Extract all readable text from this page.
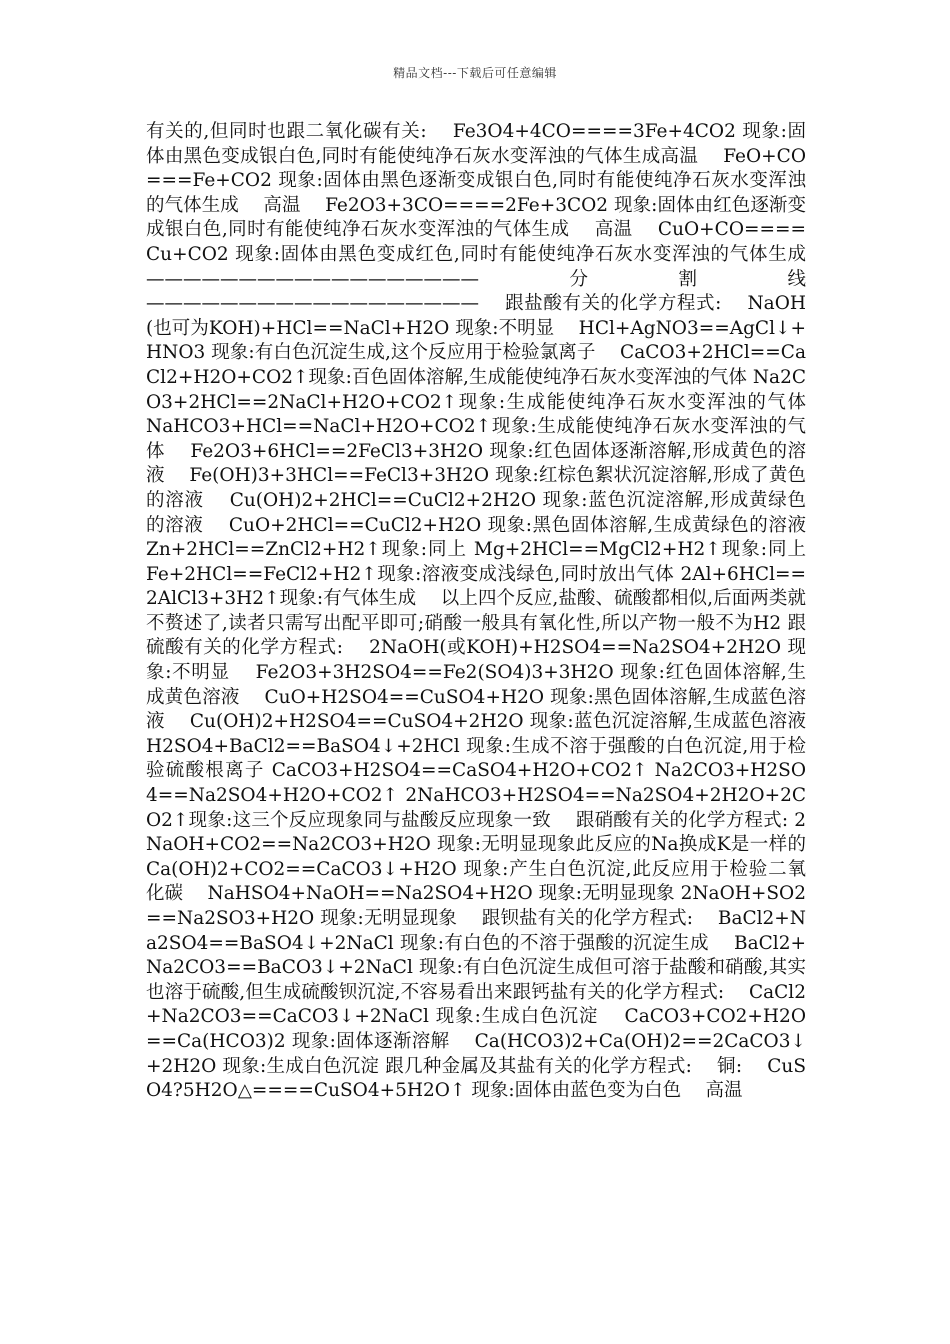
精品文档---下载后可任意编辑
有关的,但同时也跟二氧化碳有关:　 Fe3O4+4CO====3Fe+4CO2 现象:固体由黑色变成银白色,同时有能使纯净石灰水变浑浊的气体生成高温　 FeO+CO===Fe+CO2 现象:固体由黑色逐渐变成银白色,同时有能使纯净石灰水变浑浊的气体生成　 高温　 Fe2O3+3CO====2Fe+3CO2 现象:固体由红色逐渐变成银白色,同时有能使纯净石灰水变浑浊的气体生成　 高温　 CuO+CO====Cu+CO2 现象:固体由黑色变成红色,同时有能使纯净石灰水变浑浊的气体生成　 ——————————————————分割线——————————————————　 跟盐酸有关的化学方程式:　 NaOH(也可为KOH)+HCl==NaCl+H2O 现象:不明显　 HCl+AgNO3==AgCl↓+HNO3 现象:有白色沉淀生成,这个反应用于检验氯离子　 CaCO3+2HCl==CaCl2+H2O+CO2↑现象:百色固体溶解,生成能使纯净石灰水变浑浊的气体 Na2CO3+2HCl==2NaCl+H2O+CO2↑现象:生成能使纯净石灰水变浑浊的气体　 NaHCO3+HCl==NaCl+H2O+CO2↑现象:生成能使纯净石灰水变浑浊的气体　 Fe2O3+6HCl==2FeCl3+3H2O 现象:红色固体逐渐溶解,形成黄色的溶液　 Fe(OH)3+3HCl==FeCl3+3H2O 现象:红棕色絮状沉淀溶解,形成了黄色的溶液　 Cu(OH)2+2HCl==CuCl2+2H2O 现象:蓝色沉淀溶解,形成黄绿色的溶液　 CuO+2HCl==CuCl2+H2O 现象:黑色固体溶解,生成黄绿色的溶液　 Zn+2HCl==ZnCl2+H2↑现象:同上 Mg+2HCl==MgCl2+H2↑现象:同上　 Fe+2HCl==FeCl2+H2↑现象:溶液变成浅绿色,同时放出气体 2Al+6HCl==2AlCl3+3H2↑现象:有气体生成　 以上四个反应,盐酸、硫酸都相似,后面两类就不赘述了,读者只需写出配平即可;硝酸一般具有氧化性,所以产物一般不为H2 跟硫酸有关的化学方程式:　 2NaOH(或KOH)+H2SO4==Na2SO4+2H2O 现象:不明显　 Fe2O3+3H2SO4==Fe2(SO4)3+3H2O 现象:红色固体溶解,生成黄色溶液　 CuO+H2SO4==CuSO4+H2O 现象:黑色固体溶解,生成蓝色溶液　 Cu(OH)2+H2SO4==CuSO4+2H2O 现象:蓝色沉淀溶解,生成蓝色溶液　 H2SO4+BaCl2==BaSO4↓+2HCl 现象:生成不溶于强酸的白色沉淀,用于检验硫酸根离子 CaCO3+H2SO4==CaSO4+H2O+CO2↑ Na2CO3+H2SO4==Na2SO4+H2O+CO2↑ 2NaHCO3+H2SO4==Na2SO4+2H2O+2CO2↑现象:这三个反应现象同与盐酸反应现象一致　 跟硝酸有关的化学方程式: 2NaOH+CO2==Na2CO3+H2O 现象:无明显现象此反应的Na换成K是一样的　 Ca(OH)2+CO2==CaCO3↓+H2O 现象:产生白色沉淀,此反应用于检验二氧化碳　 NaHSO4+NaOH==Na2SO4+H2O 现象:无明显现象 2NaOH+SO2==Na2SO3+H2O 现象:无明显现象　 跟钡盐有关的化学方程式:　 BaCl2+Na2SO4==BaSO4↓+2NaCl 现象:有白色的不溶于强酸的沉淀生成　 BaCl2+Na2CO3==BaCO3↓+2NaCl 现象:有白色沉淀生成但可溶于盐酸和硝酸,其实也溶于硫酸,但生成硫酸钡沉淀,不容易看出来跟钙盐有关的化学方程式:　 CaCl2+Na2CO3==CaCO3↓+2NaCl 现象:生成白色沉淀　 CaCO3+CO2+H2O==Ca(HCO3)2 现象:固体逐渐溶解　 Ca(HCO3)2+Ca(OH)2==2CaCO3↓+2H2O 现象:生成白色沉淀 跟几种金属及其盐有关的化学方程式:　 铜:　 CuSO4?5H2O△====CuSO4+5H2O↑ 现象:固体由蓝色变为白色　 高温
